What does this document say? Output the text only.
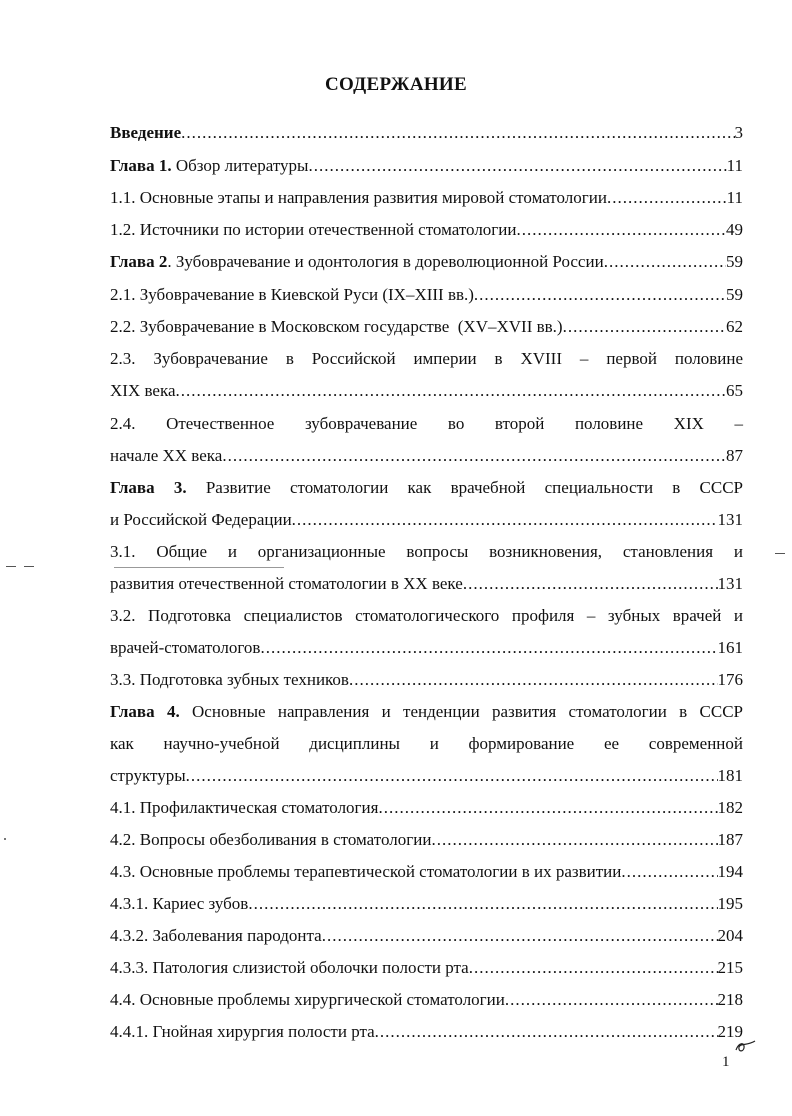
СОДЕРЖАНИЕ
Введение .....	3
Глава 1. Обзор литературы .....	11
1.1. Основные этапы и направления развития мировой стоматологии .....	11
1.2. Источники по истории отечественной стоматологии .....	49
Глава 2. Зубоврачевание и одонтология в дореволюционной России .....	59
2.1. Зубоврачевание в Киевской Руси (IX–XIII вв.) .....	59
2.2. Зубоврачевание в Московском государстве  (XV–XVII вв.) .....	62
2.3. Зубоврачевание в Российской империи в XVIII – первой половине
XIX века .....	65
2.4. Отечественное зубоврачевание во второй половине XIX –
начале XX века .....	87
Глава 3. Развитие стоматологии как врачебной специальности в СССР
и Российской Федерации .....	131
3.1. Общие и организационные вопросы возникновения, становления и
развития отечественной стоматологии в XX веке .....	131
3.2. Подготовка специалистов стоматологического профиля – зубных врачей и
врачей-стоматологов .....	161
3.3. Подготовка зубных техников .....	176
Глава 4. Основные направления и тенденции развития стоматологии в СССР
как научно-учебной дисциплины и формирование ее современной
структуры .....	181
4.1. Профилактическая стоматология .....	182
4.2. Вопросы обезболивания в стоматологии .....	187
4.3. Основные проблемы терапевтической стоматологии в их развитии .....	194
4.3.1. Кариес зубов .....	195
4.3.2. Заболевания пародонта .....	204
4.3.3. Патология слизистой оболочки полости рта .....	215
4.4. Основные проблемы хирургической стоматологии .....	218
4.4.1. Гнойная хирургия полости рта .....	219
1
